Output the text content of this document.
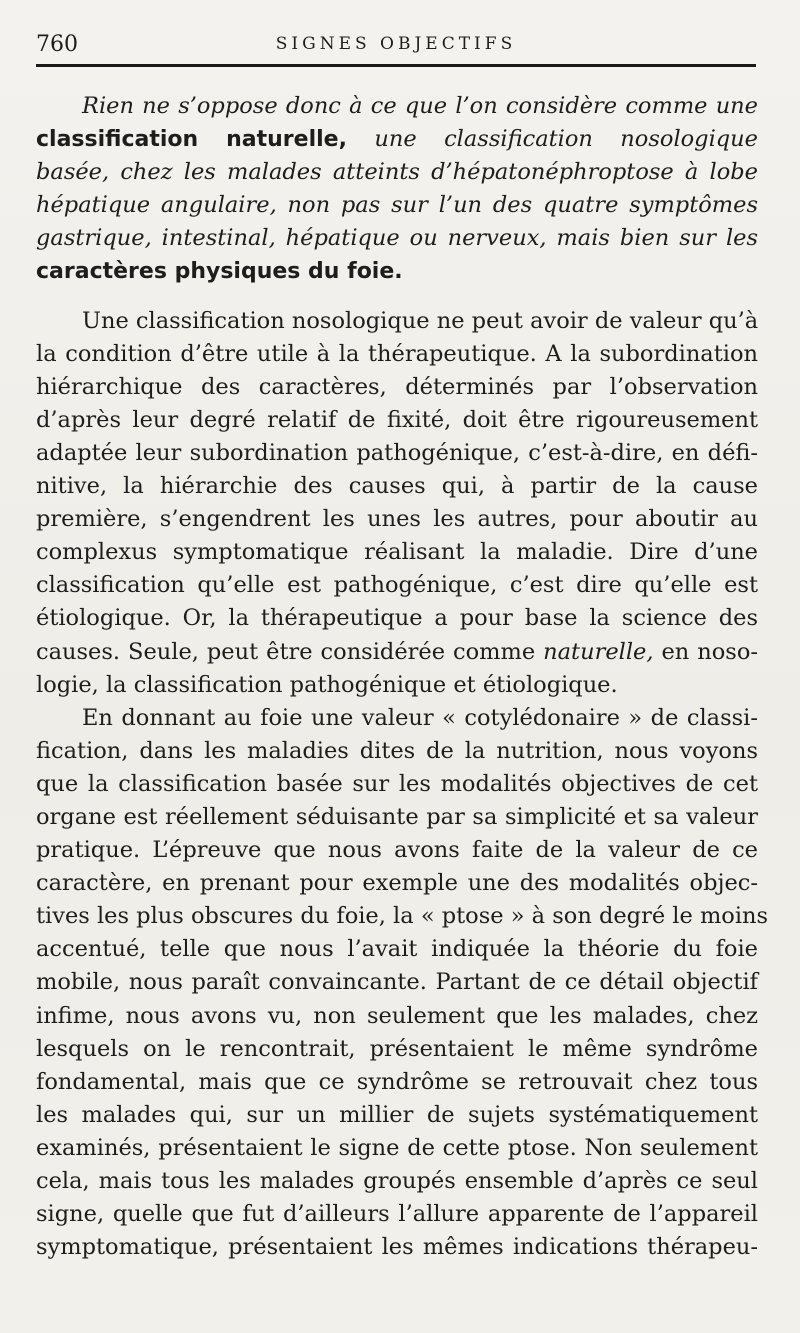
760	SIGNES OBJECTIFS
Rien ne s’oppose donc à ce que l’on considère comme une
classification naturelle, une classification nosologique
basée, chez les malades atteints d’hépatonéphroptose à lobe
hépatique angulaire, non pas sur l’un des quatre symptômes
gastrique, intestinal, hépatique ou nerveux, mais bien sur les
caractères physiques du foie.
Une classification nosologique ne peut avoir de valeur qu’à
la condition d’être utile à la thérapeutique. A la subordination
hiérarchique des caractères, déterminés par l’observation
d’après leur degré relatif de fixité, doit être rigoureusement
adaptée leur subordination pathogénique, c’est-à-dire, en défi-
nitive, la hiérarchie des causes qui, à partir de la cause
première, s’engendrent les unes les autres, pour aboutir au
complexus symptomatique réalisant la maladie. Dire d’une
classification qu’elle est pathogénique, c’est dire qu’elle est
étiologique. Or, la thérapeutique a pour base la science des
causes. Seule, peut être considérée comme naturelle, en noso-
logie, la classification pathogénique et étiologique.
En donnant au foie une valeur « cotylédonaire » de classi-
fication, dans les maladies dites de la nutrition, nous voyons
que la classification basée sur les modalités objectives de cet
organe est réellement séduisante par sa simplicité et sa valeur
pratique. L’épreuve que nous avons faite de la valeur de ce
caractère, en prenant pour exemple une des modalités objec-
tives les plus obscures du foie, la « ptose » à son degré le moins
accentué, telle que nous l’avait indiquée la théorie du foie
mobile, nous paraît convaincante. Partant de ce détail objectif
infime, nous avons vu, non seulement que les malades, chez
lesquels on le rencontrait, présentaient le même syndrôme
fondamental, mais que ce syndrôme se retrouvait chez tous
les malades qui, sur un millier de sujets systématiquement
examinés, présentaient le signe de cette ptose. Non seulement
cela, mais tous les malades groupés ensemble d’après ce seul
signe, quelle que fut d’ailleurs l’allure apparente de l’appareil
symptomatique, présentaient les mêmes indications thérapeu-
